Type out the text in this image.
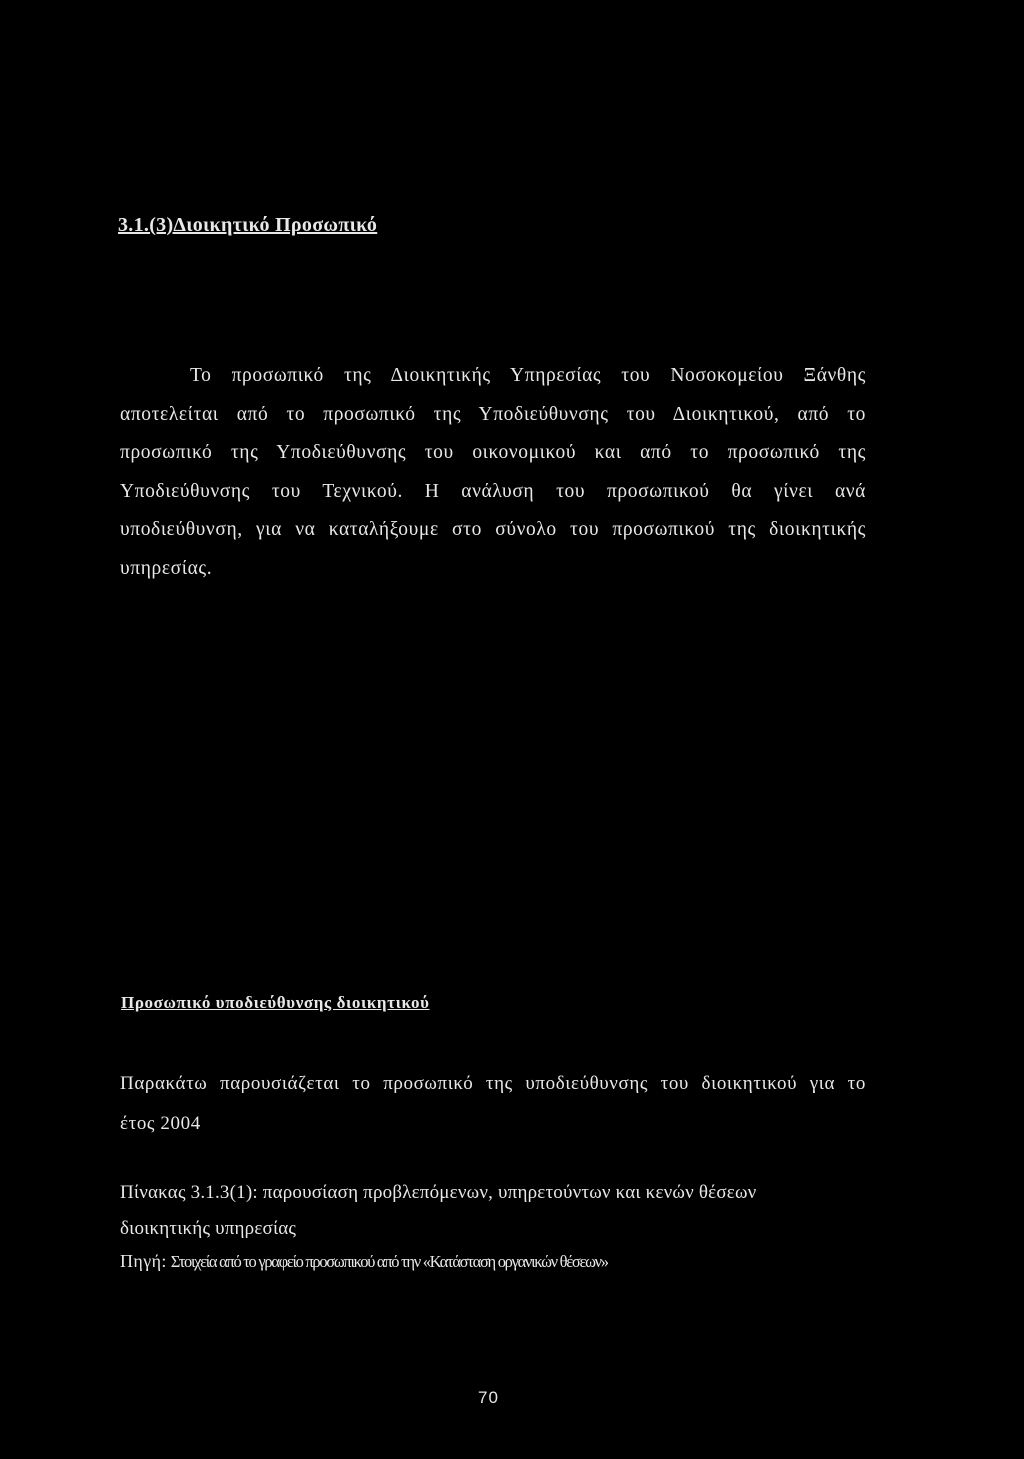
3.1.(3)Διοικητικό Προσωπικό
Το προσωπικό της Διοικητικής Υπηρεσίας του Νοσοκομείου Ξάνθης
αποτελείται από το προσωπικό της Υποδιεύθυνσης του Διοικητικού, από το
προσωπικό της Υποδιεύθυνσης του οικονομικού και από το προσωπικό της
Υποδιεύθυνσης του Τεχνικού. Η ανάλυση του προσωπικού θα γίνει ανά
υποδιεύθυνση, για να καταλήξουμε στο σύνολο του προσωπικού της διοικητικής
υπηρεσίας.
Προσωπικό υποδιεύθυνσης διοικητικού
Παρακάτω παρουσιάζεται το προσωπικό της υποδιεύθυνσης του διοικητικού για το
έτος 2004
Πίνακας 3.1.3(1): παρουσίαση προβλεπόμενων, υπηρετούντων και κενών θέσεων
διοικητικής υπηρεσίας
Πηγή: Στοιχεία από το γραφείο προσωπικού από την «Κατάσταση οργανικών θέσεων»
70
